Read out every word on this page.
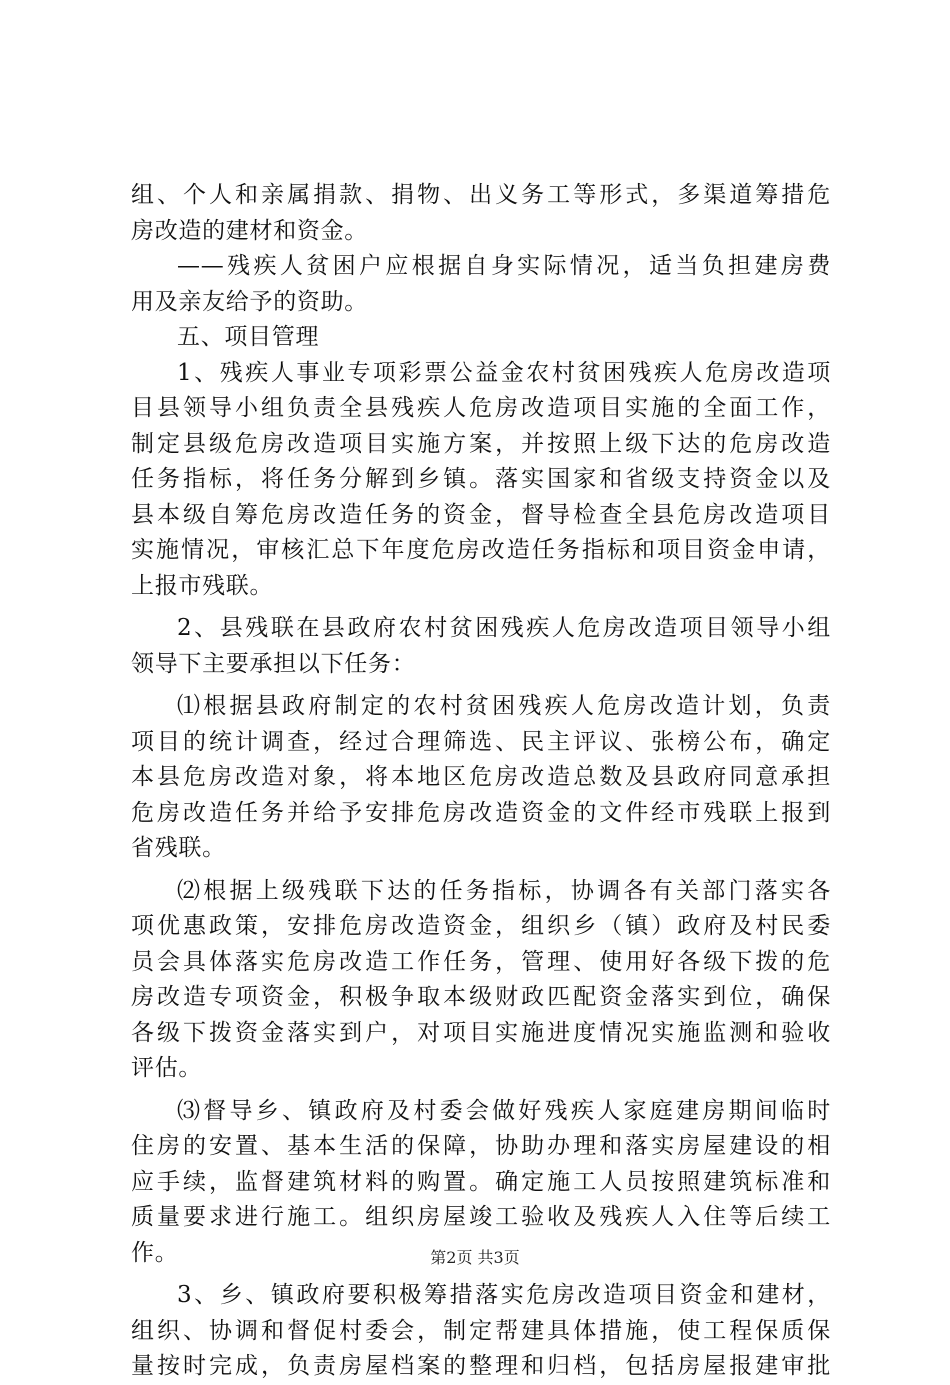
组、个人和亲属捐款、捐物、出义务工等形式，多渠道筹措危
房改造的建材和资金。
——残疾人贫困户应根据自身实际情况，适当负担建房费
用及亲友给予的资助。
五、项目管理
1、残疾人事业专项彩票公益金农村贫困残疾人危房改造项
目县领导小组负责全县残疾人危房改造项目实施的全面工作，
制定县级危房改造项目实施方案，并按照上级下达的危房改造
任务指标，将任务分解到乡镇。落实国家和省级支持资金以及
县本级自筹危房改造任务的资金，督导检查全县危房改造项目
实施情况，审核汇总下年度危房改造任务指标和项目资金申请，
上报市残联。
2、县残联在县政府农村贫困残疾人危房改造项目领导小组
领导下主要承担以下任务：
⑴根据县政府制定的农村贫困残疾人危房改造计划，负责
项目的统计调查，经过合理筛选、民主评议、张榜公布，确定
本县危房改造对象，将本地区危房改造总数及县政府同意承担
危房改造任务并给予安排危房改造资金的文件经市残联上报到
省残联。
⑵根据上级残联下达的任务指标，协调各有关部门落实各
项优惠政策，安排危房改造资金，组织乡（镇）政府及村民委
员会具体落实危房改造工作任务，管理、使用好各级下拨的危
房改造专项资金，积极争取本级财政匹配资金落实到位，确保
各级下拨资金落实到户，对项目实施进度情况实施监测和验收
评估。
⑶督导乡、镇政府及村委会做好残疾人家庭建房期间临时
住房的安置、基本生活的保障，协助办理和落实房屋建设的相
应手续，监督建筑材料的购置。确定施工人员按照建筑标准和
质量要求进行施工。组织房屋竣工验收及残疾人入住等后续工
作。
3、乡、镇政府要积极筹措落实危房改造项目资金和建材，
组织、协调和督促村委会，制定帮建具体措施，使工程保质保
量按时完成，负责房屋档案的整理和归档，包括房屋报建审批
第2页 共3页
